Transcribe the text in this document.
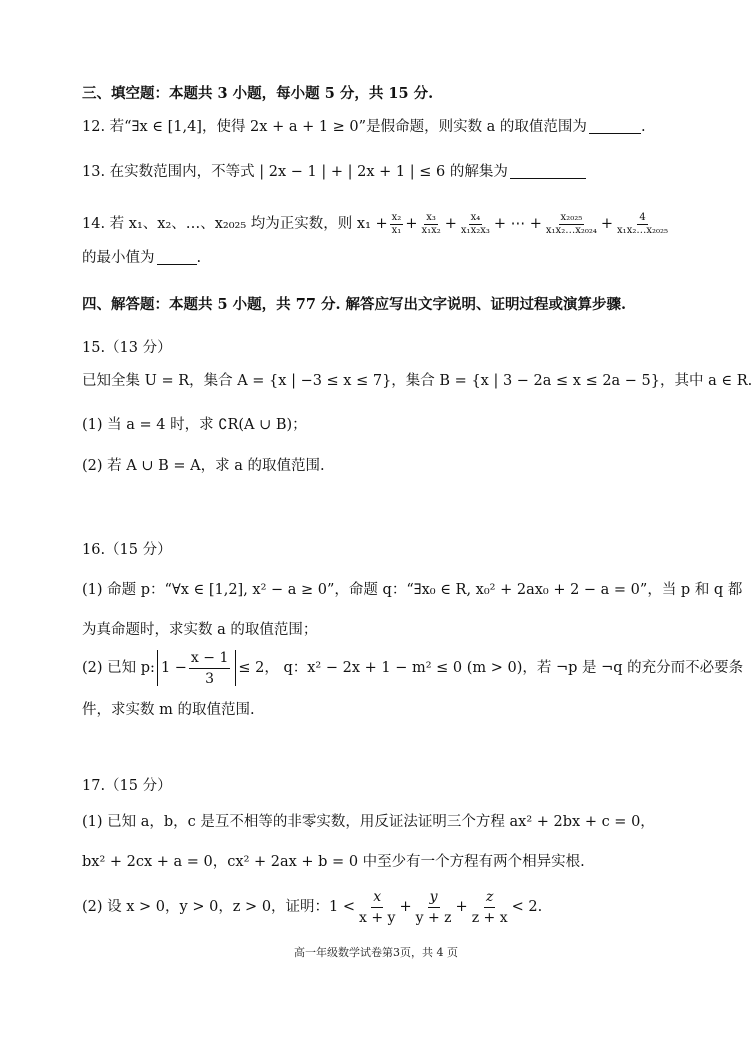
三、填空题：本题共 3 小题，每小题 5 分，共 15 分.
12. 若“∃x ∈ [1,4]，使得 2x + a + 1 ≥ 0”是假命题，则实数 a 的取值范围为	.
13. 在实数范围内，不等式 | 2x − 1 | + | 2x + 1 | ≤ 6 的解集为
14. 若 x₁、x₂、…、x₂₀₂₅ 均为正实数，则 $x_1 + \frac{\text{x₂}}{\text{x₁}} + \frac{\text{x₃}}{\text{x₁x₂}} + \frac{\text{x₄}}{\text{x₁x₂x₃}}$ + ⋯ + $\frac{\text{x₂₀₂₅}}{\text{x₁x₂…x₂₀₂₄}} + \frac{4}{\text{x₁x₂…x₂₀₂₅}}$
的最小值为	.
四、解答题：本题共 5 小题，共 77 分. 解答应写出文字说明、证明过程或演算步骤.
15.（13 分）
已知全集 U = R，集合 A = {x | −3 ≤ x ≤ 7}，集合 B = {x | 3 − 2a ≤ x ≤ 2a − 5}，其中 a ∈ R.
(1) 当 a = 4 时，求 ∁R(A ∪ B)；
(2) 若 A ∪ B = A，求 a 的取值范围.
16.（15 分）
(1) 命题 p：“∀x ∈ [1,2], x² − a ≥ 0”，命题 q：“∃x₀ ∈ R, x₀² + 2ax₀ + 2 − a = 0”，当 p 和 q 都
为真命题时，求实数 a 的取值范围；
(2) 已知 p: $1 - \frac{x - 1}{3} \le 2$， q：x² − 2x + 1 − m² ≤ 0 (m > 0)，若 ¬p 是 ¬q 的充分而不必要条
件，求实数 m 的取值范围.
17.（15 分）
(1) 已知 a，b，c 是互不相等的非零实数，用反证法证明三个方程 ax² + 2bx + c = 0，
bx² + 2cx + a = 0，cx² + 2ax + b = 0 中至少有一个方程有两个相异实根.
(2) 设 x > 0，y > 0，z > 0，证明：$1 < \frac{x}{x + y} + \frac{y}{y + z} + \frac{z}{z + x} < 2$.
高一年级数学试卷第3页，共 4 页
